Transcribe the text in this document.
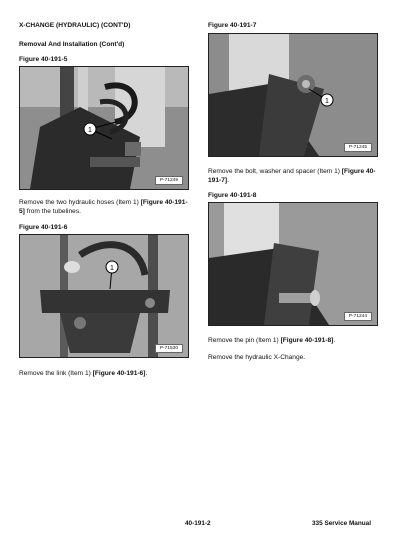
X-CHANGE (HYDRAULIC) (CONT'D)
Removal And Installation (Cont'd)
Figure 40-191-5
1
P-71249
Remove the two hydraulic hoses (Item 1) [Figure 40-191-5] from the tubelines.
Figure 40-191-6
1
P-71530
Remove the link (Item 1) [Figure 40-191-6].
Figure 40-191-7
1
P-71245
Remove the bolt, washer and spacer (Item 1) [Figure 40-191-7].
Figure 40-191-8
P-71244
Remove the pin (Item 1) [Figure 40-191-8].
Remove the hydraulic X-Change.
40-191-2	335 Service Manual
